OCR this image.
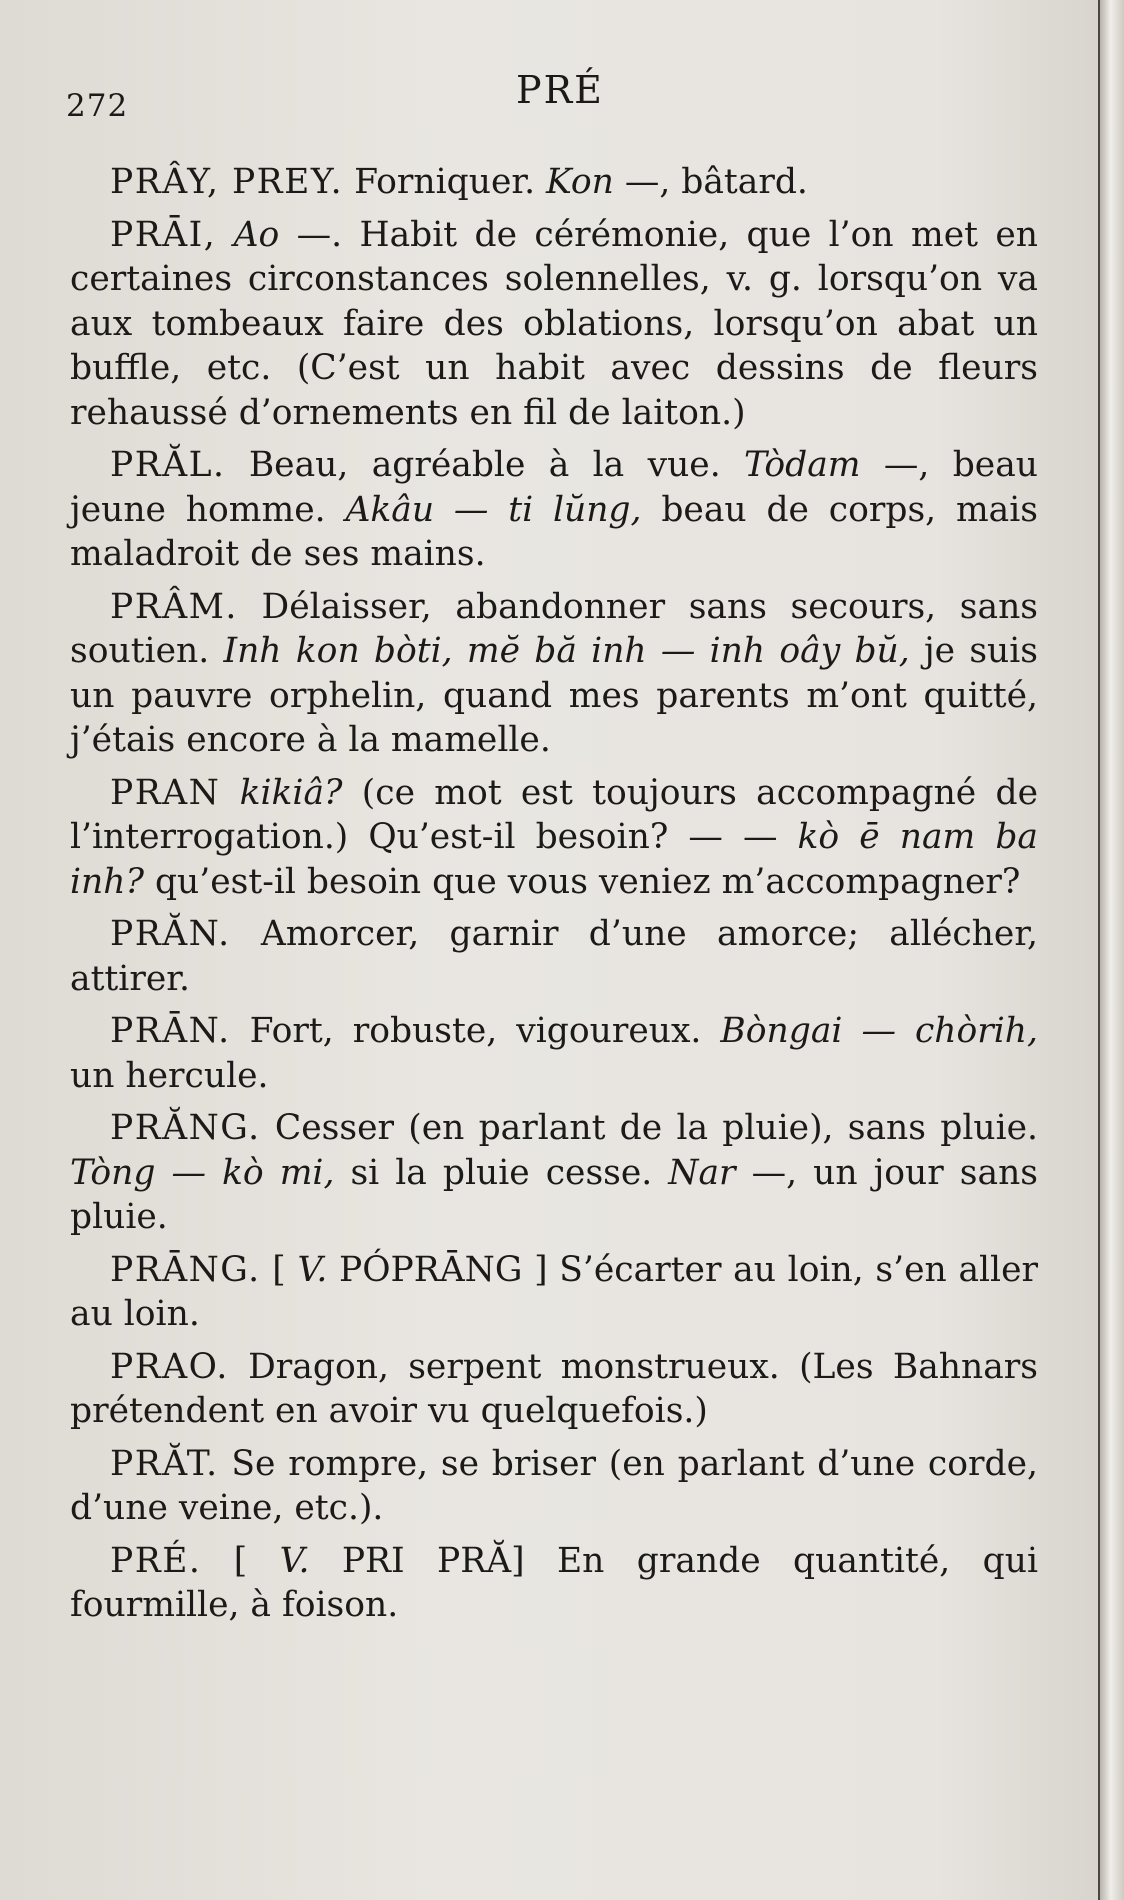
272	PRÉ

PRÂY, PREY. Forniquer. Kon —, bâtard.

PRĀI, Ao —. Habit de cérémonie, que l’on met en certaines circonstances solennelles, v. g. lorsqu’on va aux tombeaux faire des oblations, lorsqu’on abat un buffle, etc. (C’est un habit avec dessins de fleurs rehaussé d’ornements en fil de laiton.)

PRĂL. Beau, agréable à la vue. Tòdam —, beau jeune homme. Akâu — ti lŭng, beau de corps, mais maladroit de ses mains.

PRÂM. Délaisser, abandonner sans secours, sans soutien. Inh kon bòti, mĕ bă inh — inh oây bŭ, je suis un pauvre orphelin, quand mes parents m’ont quitté, j’étais encore à la mamelle.

PRAN kikiâ? (ce mot est toujours accompagné de l’interrogation.) Qu’est-il besoin? — — kò ē nam ba inh? qu’est-il besoin que vous veniez m’accompagner?

PRĂN. Amorcer, garnir d’une amorce; allécher, attirer.

PRĀN. Fort, robuste, vigoureux. Bòngai — chòrih, un hercule.

PRĂNG. Cesser (en parlant de la pluie), sans pluie. Tòng — kò mi, si la pluie cesse. Nar —, un jour sans pluie.

PRĀNG. [ V. PÓPRĀNG ] S’écarter au loin, s’en aller au loin.

PRAO. Dragon, serpent monstrueux. (Les Bahnars prétendent en avoir vu quelquefois.)

PRĂT. Se rompre, se briser (en parlant d’une corde, d’une veine, etc.).

PRÉ. [ V. PRI PRĂ] En grande quantité, qui fourmille, à foison.
